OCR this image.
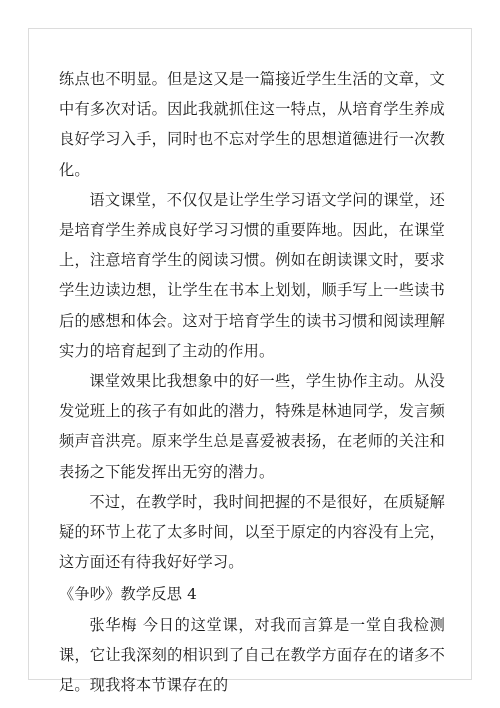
练点也不明显。但是这又是一篇接近学生生活的文章，文中有多次对话。因此我就抓住这一特点，从培育学生养成良好学习入手，同时也不忘对学生的思想道德进行一次教化。

语文课堂，不仅仅是让学生学习语文学问的课堂，还是培育学生养成良好学习习惯的重要阵地。因此，在课堂上，注意培育学生的阅读习惯。例如在朗读课文时，要求学生边读边想，让学生在书本上划划，顺手写上一些读书后的感想和体会。这对于培育学生的读书习惯和阅读理解实力的培育起到了主动的作用。

课堂效果比我想象中的好一些，学生协作主动。从没发觉班上的孩子有如此的潜力，特殊是林迪同学，发言频频声音洪亮。原来学生总是喜爱被表扬，在老师的关注和表扬之下能发挥出无穷的潜力。

不过，在教学时，我时间把握的不是很好，在质疑解疑的环节上花了太多时间，以至于原定的内容没有上完，这方面还有待我好好学习。

《争吵》教学反思 4

张华梅 今日的这堂课，对我而言算是一堂自我检测课，它让我深刻的相识到了自己在教学方面存在的诸多不足。现我将本节课存在的
